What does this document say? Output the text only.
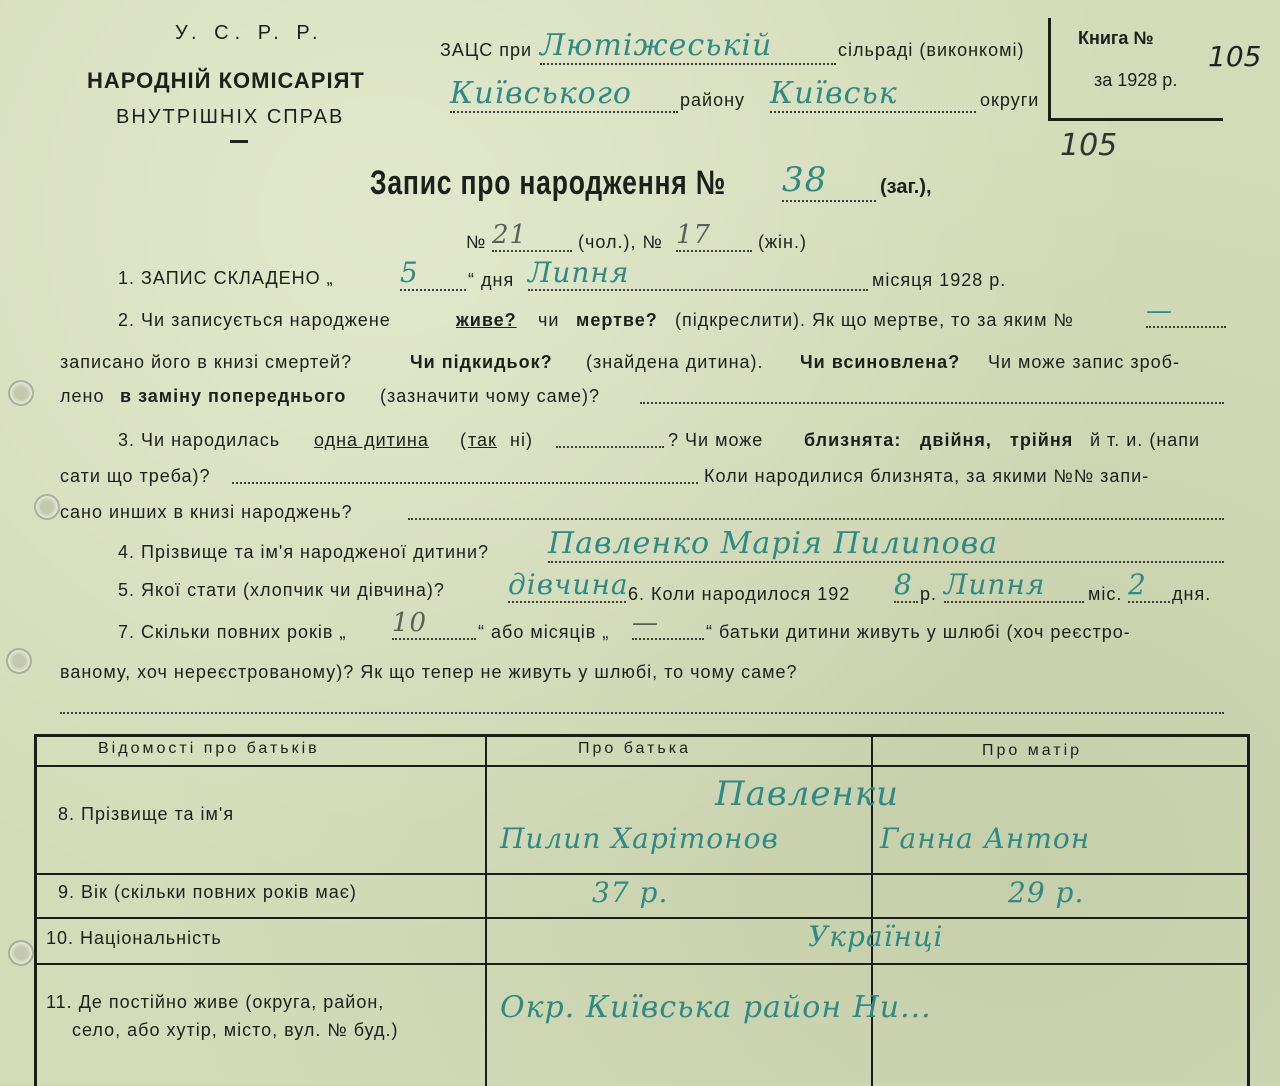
У. С. Р. Р.
НАРОДНІЙ КОМІСАРІЯТ
ВНУТРІШНІХ СПРАВ
ЗАЦС при Лютіжеській	сільраді (виконкомі)
Київського	району Київськ	округи
Книга №
за 1928 р.
105
105
Запис про народження № 38	(заг.),
№ 21	(чол.), № 17	(жін.)
1. ЗАПИС СКЛАДЕНО „ 5	“ дня Липня	місяця 1928 р.
2. Чи записується народжене	живе? чи мертве? (підкреслити). Як що мертве, то за яким №	—
записано його в книзі смертей?	Чи підкидьок? (знайдена дитина). Чи всиновлена? Чи може запис зроб-
лено в заміну попереднього (зазначити чому саме)?
3. Чи народилась одна дитина ( так ні)	? Чи може близнята: двійня, трійня й т. и. (напи
сати що треба)?	Коли народилися близнята, за якими №№ запи-
сано инших в книзі народжень?
4. Прізвище та ім'я народженої дитини? Павленко Марія Пилипова
5. Якої стати (хлопчик чи дівчина)? дівчина 6. Коли народилося 192 8 р. Липня	міс. 2	дня.
7. Скільки повних років „ 10	“ або місяців „ —	“ батьки дитини живуть у шлюбі (хоч реєстро-
ваному, хоч нереєстрованому)? Як що тепер не живуть у шлюбі, то чому саме?
Відомості про батьків	Про батька	Про матір
8. Прізвище та ім'я	Павленки
Пилип Харітонов	Ганна Антон
9. Вік (скільки повних років має)	37 р.	29 р.
10. Національність	Українці
11. Де постійно живе (округа, район,
село, або хутір, місто, вул. № буд.)
Окр. Київська район Ни...
